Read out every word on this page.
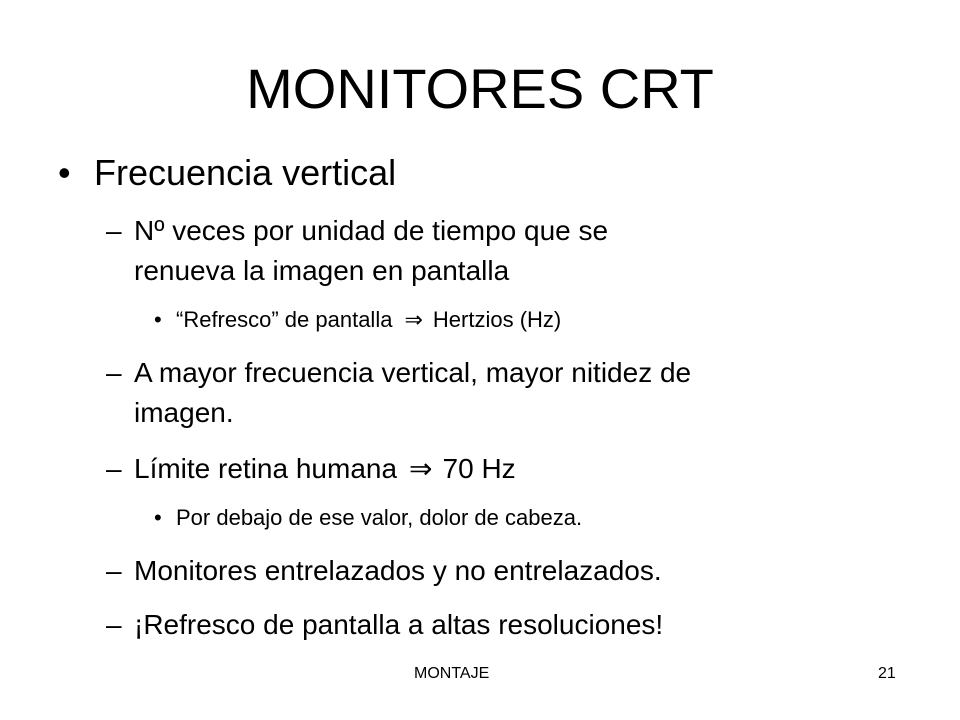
MONITORES CRT
• Frecuencia vertical
– Nº veces por unidad de tiempo que se
renueva la imagen en pantalla
• “Refresco” de pantalla ⇒ Hertzios (Hz)
– A mayor frecuencia vertical, mayor nitidez de
imagen.
– Límite retina humana ⇒ 70 Hz
• Por debajo de ese valor, dolor de cabeza.
– Monitores entrelazados y no entrelazados.
– ¡Refresco de pantalla a altas resoluciones!
MONTAJE	21
